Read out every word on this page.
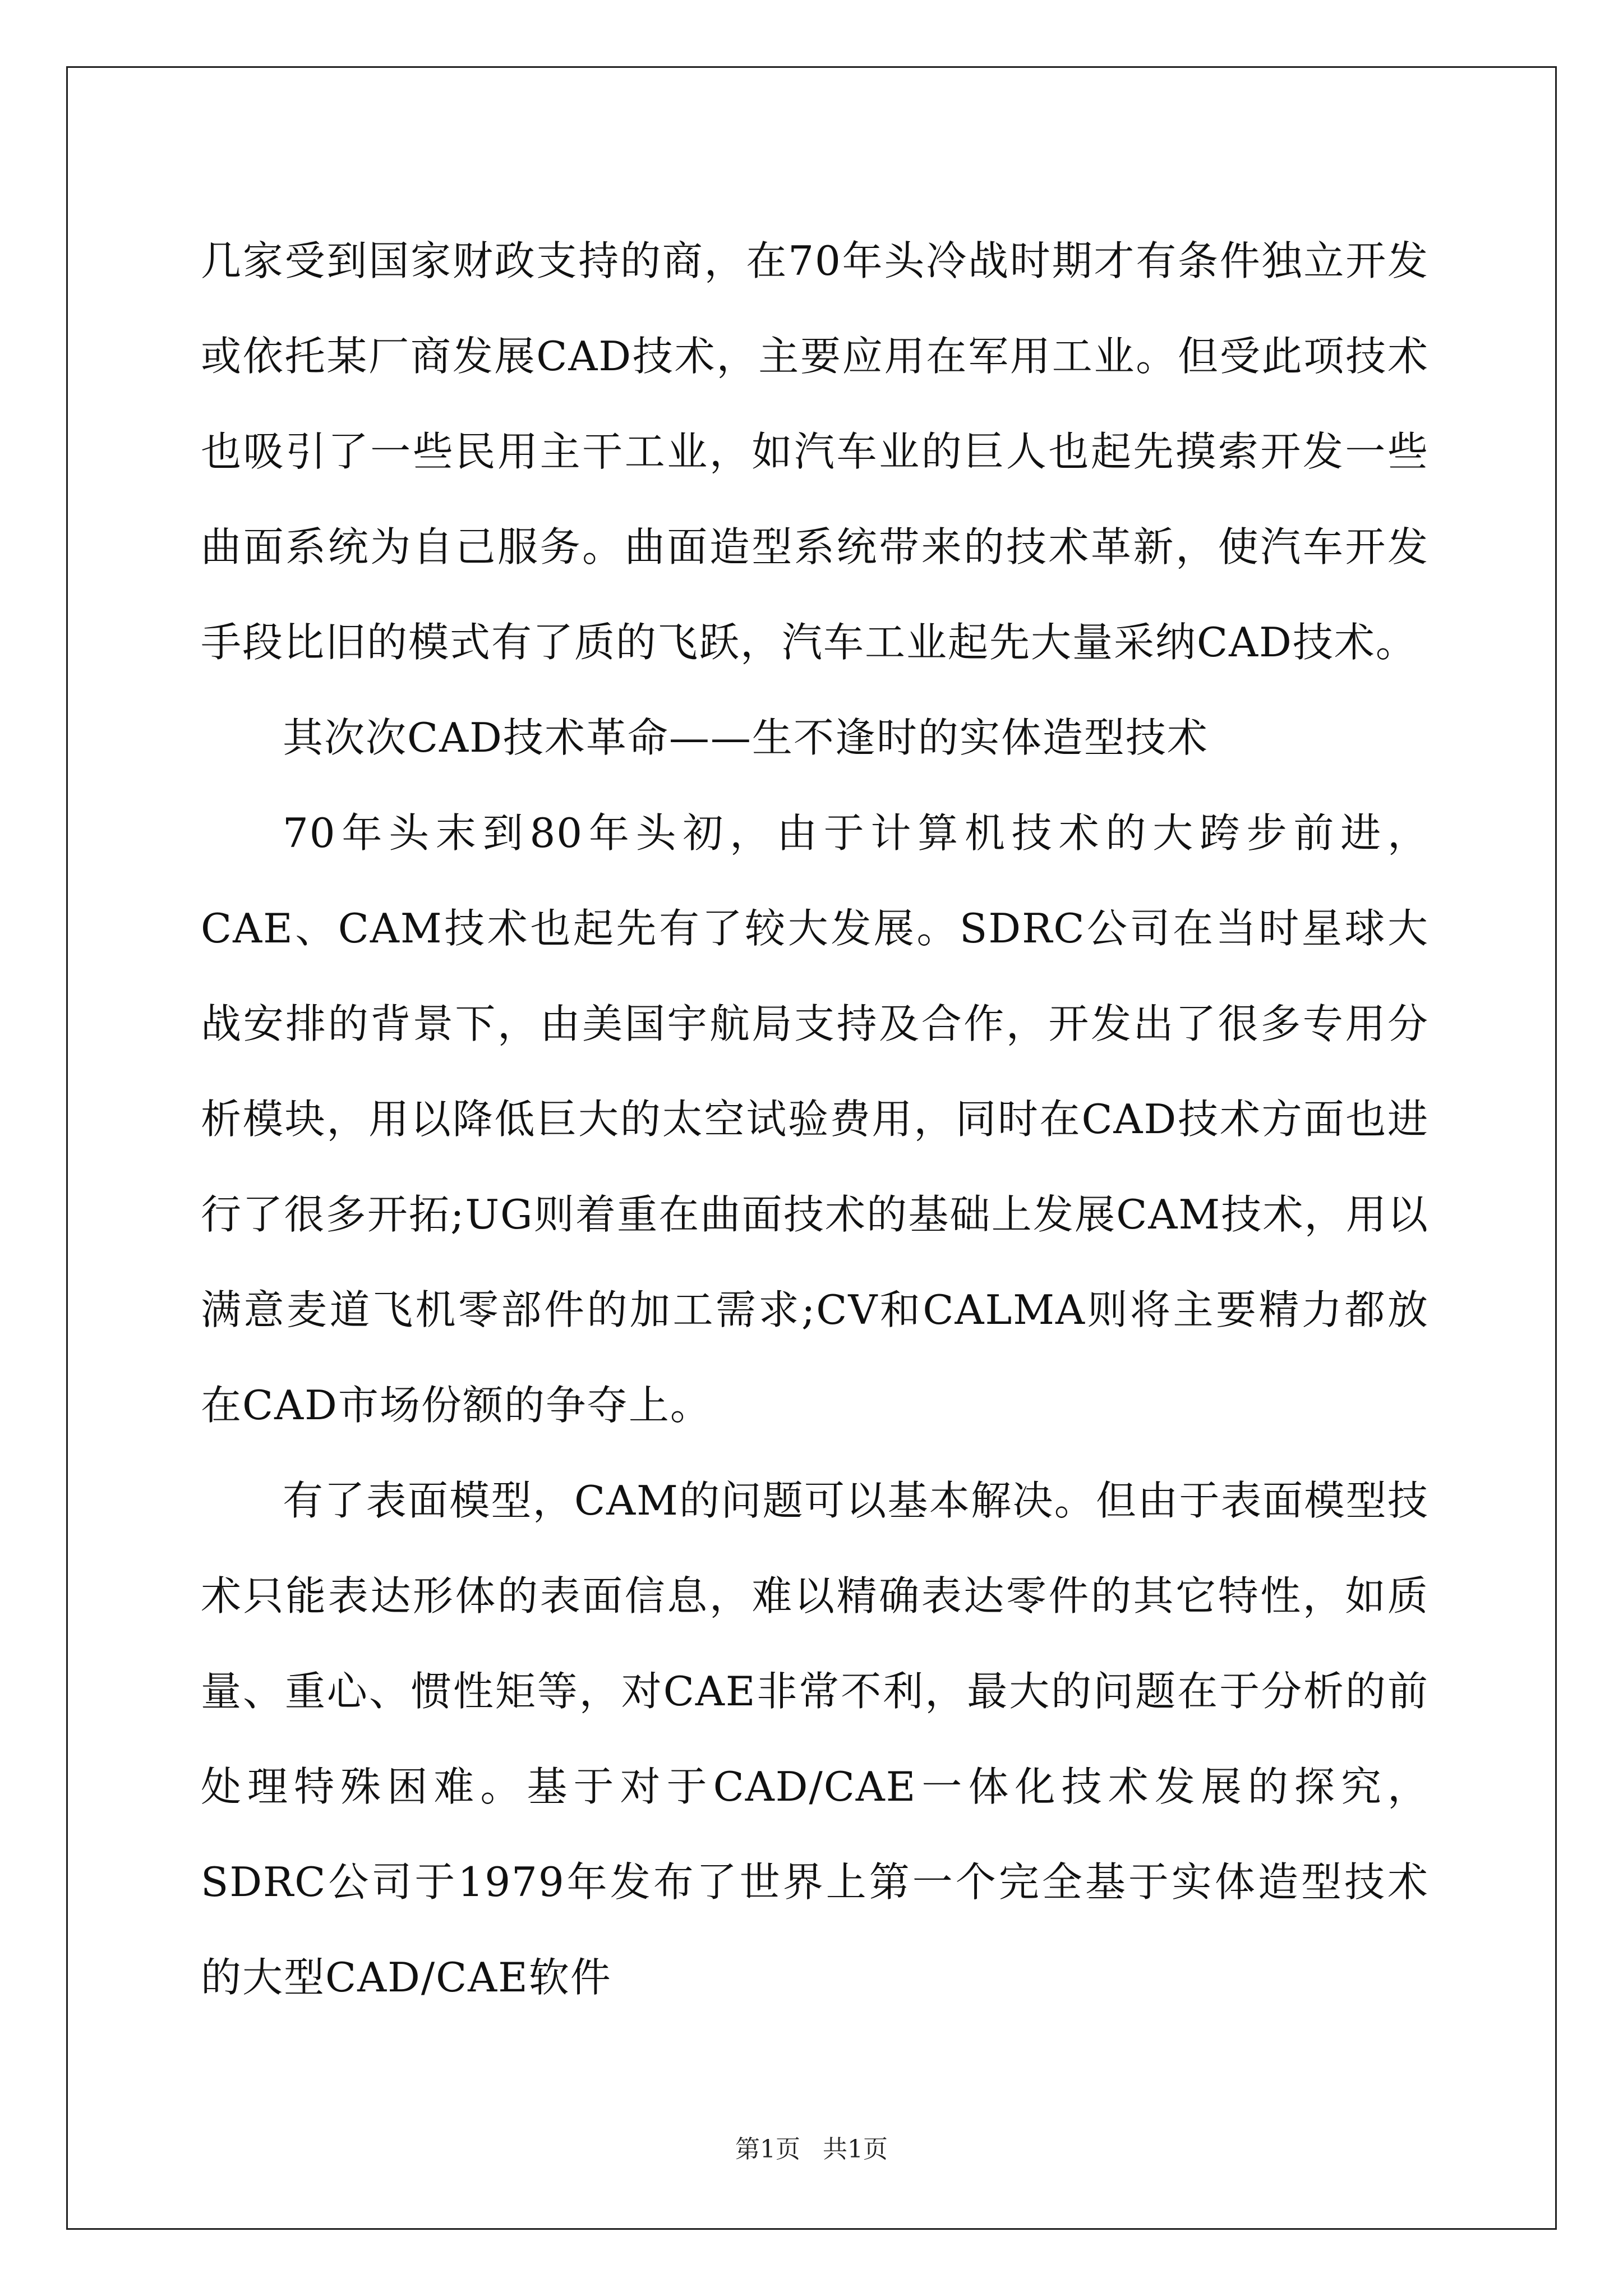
几家受到国家财政支持的商，在70年头冷战时期才有条件独立开发或依托某厂商发展CAD技术，主要应用在军用工业。但受此项技术也吸引了一些民用主干工业，如汽车业的巨人也起先摸索开发一些曲面系统为自己服务。曲面造型系统带来的技术革新，使汽车开发手段比旧的模式有了质的飞跃，汽车工业起先大量采纳CAD技术。

其次次CAD技术革命——生不逢时的实体造型技术

70年头末到80年头初，由于计算机技术的大跨步前进，CAE、CAM技术也起先有了较大发展。SDRC公司在当时星球大战安排的背景下，由美国宇航局支持及合作，开发出了很多专用分析模块，用以降低巨大的太空试验费用，同时在CAD技术方面也进行了很多开拓;UG则着重在曲面技术的基础上发展CAM技术，用以满意麦道飞机零部件的加工需求;CV和CALMA则将主要精力都放在CAD市场份额的争夺上。

有了表面模型，CAM的问题可以基本解决。但由于表面模型技术只能表达形体的表面信息，难以精确表达零件的其它特性，如质量、重心、惯性矩等，对CAE非常不利，最大的问题在于分析的前处理特殊困难。基于对于CAD/CAE一体化技术发展的探究，SDRC公司于1979年发布了世界上第一个完全基于实体造型技术的大型CAD/CAE软件

第1页 共1页
